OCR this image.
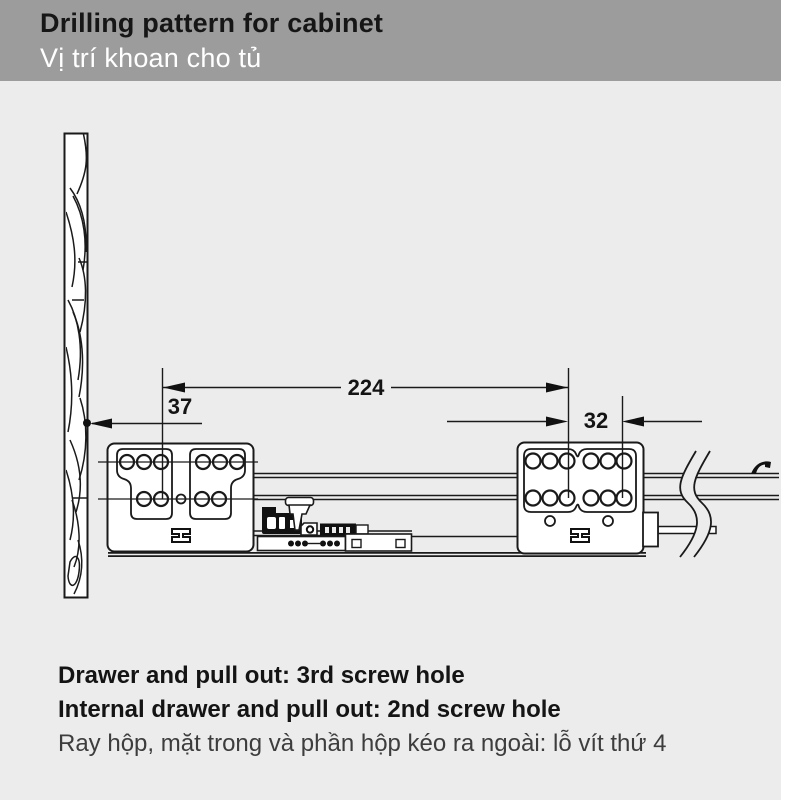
Drilling pattern for cabinet
Vị trí khoan cho tủ
224
37
32
Drawer and pull out: 3rd screw hole
Internal drawer and pull out: 2nd screw hole
Ray hộp, mặt trong và phần hộp kéo ra ngoài: lỗ vít thứ 4
